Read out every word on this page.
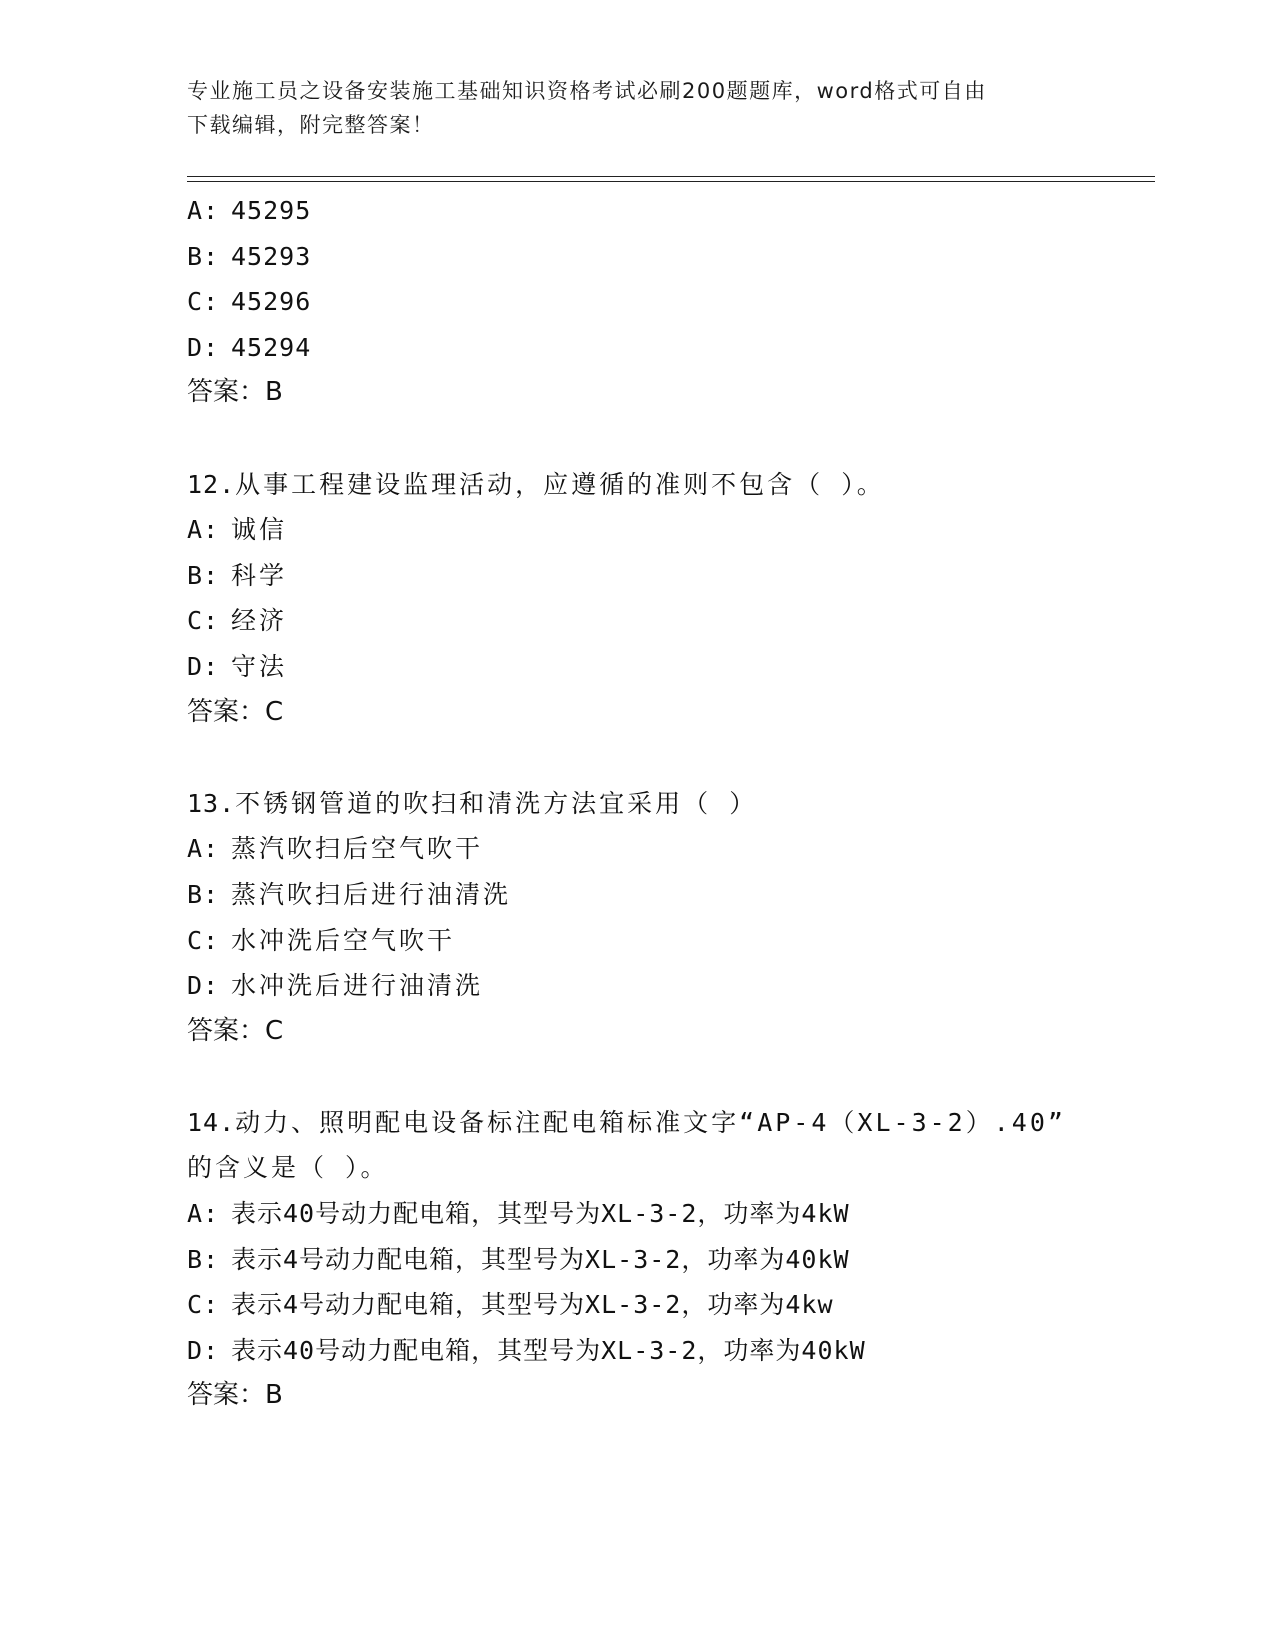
专业施工员之设备安装施工基础知识资格考试必刷200题题库，word格式可自由
下载编辑，附完整答案！
A: 45295
B: 45293
C: 45296
D: 45294
答案：B
12.从事工程建设监理活动，应遵循的准则不包含（ ）。
A: 诚信
B: 科学
C: 经济
D: 守法
答案：C
13.不锈钢管道的吹扫和清洗方法宜采用（ ）
A: 蒸汽吹扫后空气吹干
B: 蒸汽吹扫后进行油清洗
C: 水冲洗后空气吹干
D: 水冲洗后进行油清洗
答案：C
14.动力、照明配电设备标注配电箱标准文字“AP-4（XL-3-2）.40”
的含义是（ ）。
A: 表示40号动力配电箱，其型号为XL-3-2，功率为4kW
B: 表示4号动力配电箱，其型号为XL-3-2，功率为40kW
C: 表示4号动力配电箱，其型号为XL-3-2，功率为4kw
D: 表示40号动力配电箱，其型号为XL-3-2，功率为40kW
答案：B
